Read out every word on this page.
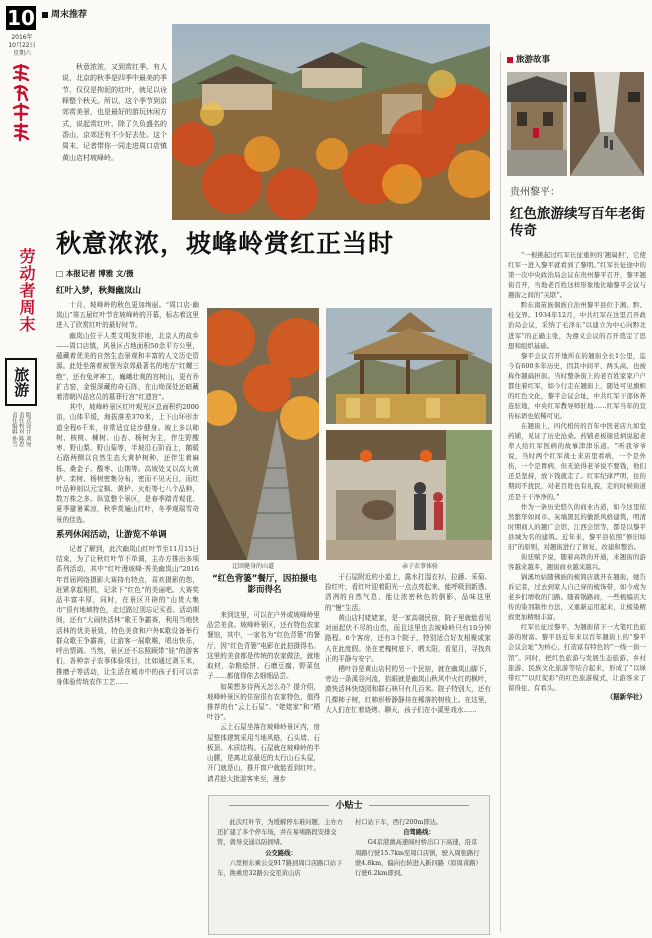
10	周末推荐
2016年
10月22日
星期六
劳动者周末
旅游
版式设计 刘宛
责任校对 陈思
责任编辑 孙雪
秋意浓浓，又到赏红季。有人说，北京的秋季是四季中最美的季节，仅仅是拘泥的红叶，就足以诠释整个秋天。所以，这个季节到京郊赏美景，也是最好的游玩休闲方式，说起赏红叶，除了久负盛名的香山，京郊还有不少好去处。这个周末，记者带你一同走进周口店镇黄山店村坡峰岭。
秋意浓浓，坡峰岭赏红正当时
□ 本报记者 博雅 文/摄
红叶入梦，秋舞幽岚山

十月，坡峰岭的秋色更加绚丽。“周口店·幽岚山”第五届红叶节在坡峰岭的开幕，标志着这里进入了欣赏红叶的最好时节。

幽岚山位于人类文明发祥地，北京人的故乡——周口店镇，风景区占地面积50余平方公里，蕴藏着优美的自然生态景观和丰富的人文历史资源。此处坐落着被誉为京郊最著名的地方“红螺三绝”，还有兔斧神工，巍峨壮观的宫树山，更有乔扩古窑，金银深藏的奇石阵，在山坳深处还暗藏着清朝四品官员的墓葬行宫“红遗宫”。

其中，坡峰岭景区红叶观光区总面积约2000亩，山体平缓，海拔落差370米，上下山环形步道全程6千米，非常适宜徒步健身。坡上多以柿树、核桃、楝树、山杏、杨树为主，伴生野酸枣、野山梨、野山菊等，半坡沿石阶而上，鹅暖石路两侧以自然生态大黄栌树种，还伴生着麻栎、桑金子、酸枣、山荆等。高坡处又以高大黄栌、栾树、杨树密集分布，密而不见天日，而红叶品种则以元宝枫、黄栌、火炬等七八个品种，数万株之多。纵览整个景区，是春季踏青观花、夏季避暑乘凉，秋季赏遍山红叶，冬季观瑞雪奇景的佳选。

系列休闲活动，让游览不单调

记者了解到，此次幽岚山红叶节至11月15日结束，为了让秋红叶节不单调，主办方推出多项系列活动，其中“红叶漫坡峰·秀美幽岚山”2016年首届网络摄影大赛持有特点，喜欢摄影的您，赶紧拿起相机，记录下“红色”的美丽吧。大赛奖品丰富丰厚，同时，在景区开辟的“山货大集市”很有地域特色，走过路过别忘记买看。活动期间，还有“大闹快活林”歌王争霸赛，利用当地快活林的优美景致，特色美食和户外K歌设备举行群众歌王争霸赛，让游客一展歌喉，唱出快乐，呼出情调。当然，景区还不忘照顾带“娃”的游客们，各种亲子农事体验项目，比如通过剥玉米，推磨子等活动，让生活在城市中的孩子们可以亲身体验传统农作工艺……

迂回健身的山道	亲子农事体验
“红色背篓”餐厅，因拍摄电影而得名

来到这里，可以在户外或坡峰岭里品尝美食。坡峰岭景区，还有特色农家餐馆，其中，一家名为“红色背篓”的餐厅，因“红色背篓”电影在此拍摄得名。这里的美食都是传统的农家做法，就地取材，杂粮烩饼、石磨豆腐、野菜包子……都值得你去细细品尝。

如果想多待两天怎么办？提介绍，坡峰岭景区的住宿很有农家特色，值得推荐的有“云上石屋”、“姥姥家”和“栖叶谷”。

云上石屋坐落在坡峰岭景区内，房屋整体建筑采用当地风格，石头墙、石板顶、木质结构。石屋就在坡峰岭的半山腰，是离北京最近的太行山石头屋，开门就是山，推开窗户就能看到红叶。请君趁大批游客来至，漫步

于石屋附近的小道上，露水打湿衣衫，拉藤、采菊、捡红叶，看红叶迎着阳光一点点亮起来，能呼吸到新透、清冽的自然气息，能让浓密秋色的倒影，品味这里的“慢”生活。

黄山店村姥姥家，是一家高端民宿，院子里就能看见对面起伏不尽的山峦，而且这里也去坡峰岭只有10分钟路程。6个客房，还有3个院子，特别适合好友相聚或家人在此度假。坐在老槐树底下，晒太阳，看星月，寻找真正的平静与安宁。

栖叶谷是黄山店村的另一个民宿，就在幽岚山脚下，旁边一条溪谷河流，抬眼就是幽岚山秋风中火红的枫叶，漠快活林快绕园和群石林只有几百米。院子特别大，还有几棵柿子树，红柿形桥静静挂在稀落的树枝上。在这里，大人们在忙着烧烤、聊天，孩子们在小溪里戏水……

小贴士
此次红叶节，为缓解停车难问题，主办方还扩建了多个停车场，并在易堵路段安排交管，就导交通以防拥堵。
公交路线：
六里桥东乘公交917路到周口店路口站下车，换乘房32路公交至黄山店
村口站下车，西行200m即达。
自驾路线：
G4京港澳高速阎村桥出口下高速，沿京周路行驶15.7km至周口店镇，驶入周张路行驶4.8km，偏向右转进入新四路（原周黄路）行驶6.2km即到。
旅游故事
贵州黎平：
红色旅游续写百年老街传奇

“一根挑起过红军长征重担的‘翘扁担’，它使红军一进入黎平就看到了黎明。”红军长征途中的第一次中央政治局会议在贵州黎平召开，黎平翘街召开，当地老百姓这样形象地比喻黎平会议与翘街之间的“关联”。

黔东南苗族侗族自治州黎平县位于湘、黔、桂交界。1934年12月，中共红军在这里召开政治局会议，采纳了毛泽东“以建立为中心向黔北进军”的正确主张，为遵义会议的召开奠定了思想和组织基础。

黎平会议召开地所在的翘街全长1公里，迄今有600多年历史，因其中间平、两头高，也被称作翘扁担街。当时整条街上的老百姓家家户户都住着红军，如今行走在翘街上，随处可见旗帜的红色文化，黎平会议会址，中共红军干部休养连驻地，中央红军教导师驻地……红军当年的宣传标语也依稀可见。

在翘街上，四代相传的百年中医老店九如堂药铺，见证了历史沧桑。药铺老板谢廷炳说起老辈人给红军医病的故事津津乐道。“听我爷爷说，当时两个红军战士来店里看病，一个是外伤，一个是胃病，但无论得老爷说不要钱，他们还是坚持，放下钱就走了。红军纪律严明，住的期间不扰民，对老百姓也有礼貌，走的时候街道还是干干净净的。”

作为一条历史悠久的商业古道，如今这里依然繁华如间市。灰墙黑瓦的徽派风格建筑，明清时期商人的翘广会馆、江西会馆等，都是以黎平县城为名的建筑。近年来，黎平县依照“修旧如旧”的原则，对翘街进行了修复，改建和整治。

街廷赋予说，随着高铁的开通，来翘街的游客越来越多，翘街商业越来越兴。

锅溪坊姑随佛族的梳简店就开在翘街，她告诉记者，过去到家人自己穿的梳饰带，如今成为老乡们增收的门路。随着锅路商，一些梳编店大传的染剂制作方法，又重新运用起来，让梳染精致更加精细丰富。

红军长征过黎平，为翘街留下一大笔红色旅游的财富。黎平县近年来以百年翘街上的“黎平会议会址”为核心，打造富有特色的“一线一街一馆”。同时，把红色旅游与发展生态旅游、乡村旅游、民族文化旅游等结合起来，形成了“以绿带红”“以红促彩”的红色旅游模式，让游客来了留得住、有看头。

（据新华社）
